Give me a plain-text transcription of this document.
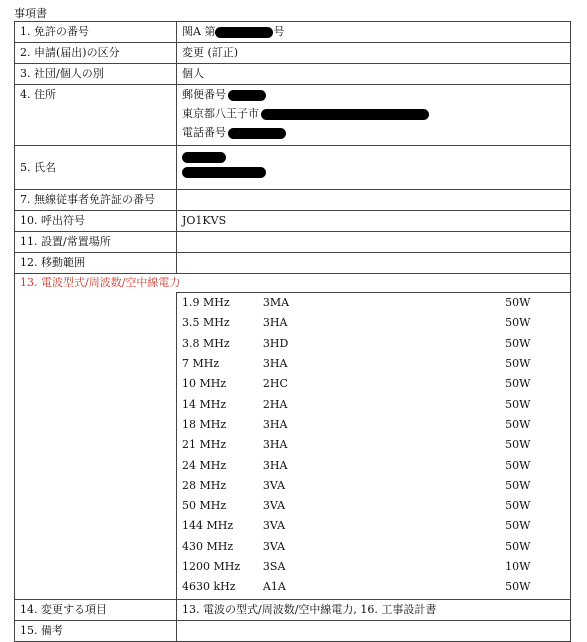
事項書
1. 免許の番号	関A 第	号
2. 申請(届出)の区分	変更 (訂正)
3. 社団/個人の別	個人
4. 住所	郵便番号
東京都八王子市
電話番号

5. 氏名	

7. 無線従事者免許証の番号	
10. 呼出符号	JO1KVS
11. 設置/常置場所	
12. 移動範囲	
13. 電波型式/周波数/空中線電力

1.9 MHz	3MA	50W	
3.5 MHz	3HA	50W	
3.8 MHz	3HD	50W	
7 MHz	3HA	50W	
10 MHz	2HC	50W	
14 MHz	2HA	50W	
18 MHz	3HA	50W	
21 MHz	3HA	50W	
24 MHz	3HA	50W	
28 MHz	3VA	50W	
50 MHz	3VA	50W	
144 MHz	3VA	50W	
430 MHz	3VA	50W	
1200 MHz	3SA	10W	
4630 kHz	A1A	50W	

14. 変更する項目	13. 電波の型式/周波数/空中線電力, 16. 工事設計書
15. 備考	
